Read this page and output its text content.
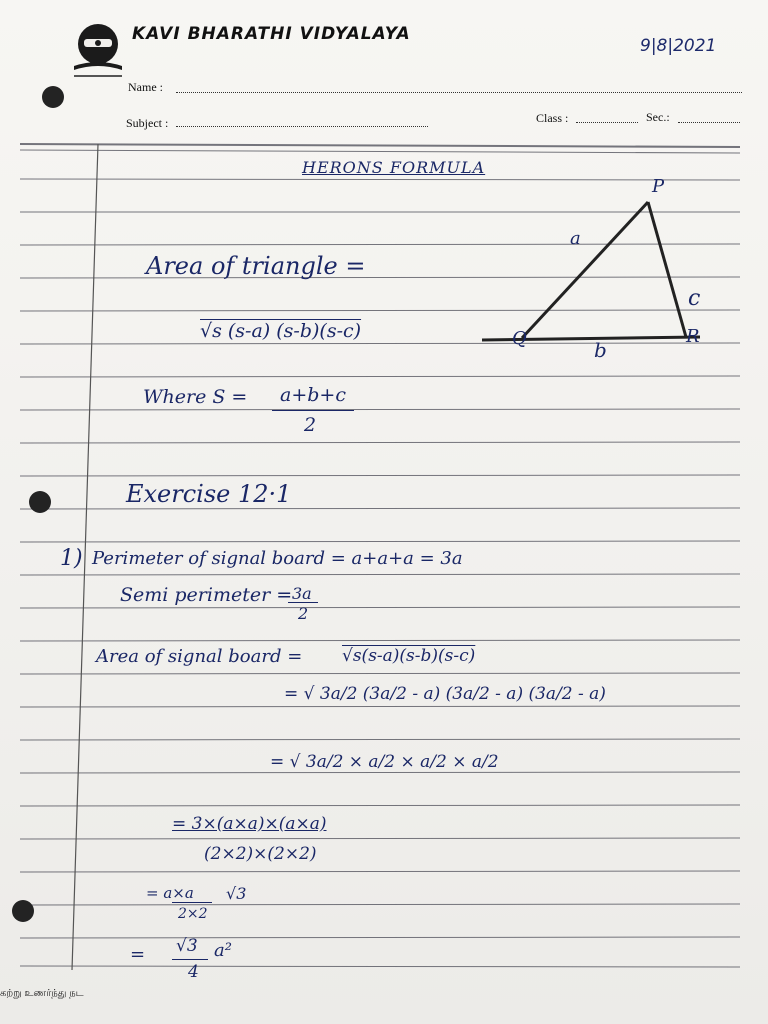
KAVI BHARATHI VIDYALAYA
9|8|2021
Name :
Subject :	Class :	Sec.:
HERONS FORMULA
Area of triangle =
√s (s-a) (s-b)(s-c)
Where S = a+b+c
2
P
Q	R
a
b
c
Exercise 12·1
1) Perimeter of signal board = a+a+a = 3a
Semi perimeter = 3a
2
Area of signal board = √s(s-a)(s-b)(s-c)
= √ 3a/2 (3a/2 - a) (3a/2 - a) (3a/2 - a)
= √ 3a/2 × a/2 × a/2 × a/2
= 3×(a×a)×(a×a)
(2×2)×(2×2)
= a×a
2×2
√3
= √3
4
a²
கற்று உணர்ந்து நட
